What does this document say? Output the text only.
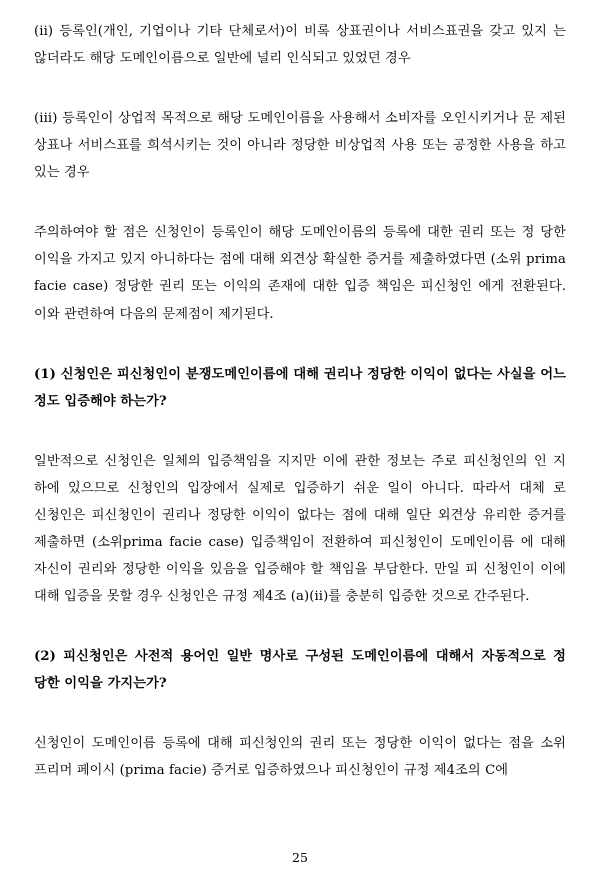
(ii) 등록인(개인, 기업이나 기타 단체로서)이 비록 상표권이나 서비스표권을 갖고 있지 는 않더라도 해당 도메인이름으로 일반에 널리 인식되고 있었던 경우

(iii) 등록인이 상업적 목적으로 해당 도메인이름을 사용해서 소비자를 오인시키거나 문 제된 상표나 서비스표를 희석시키는 것이 아니라 정당한 비상업적 사용 또는 공정한 사용을 하고 있는 경우

주의하여야 할 점은 신청인이 등록인이 해당 도메인이름의 등록에 대한 권리 또는 정 당한 이익을 가지고 있지 아니하다는 점에 대해 외견상 확실한 증거를 제출하였다면 (소위 prima facie case) 정당한 권리 또는 이익의 존재에 대한 입증 책임은 피신청인 에게 전환된다. 이와 관련하여 다음의 문제점이 제기된다.

(1) 신청인은 피신청인이 분쟁도메인이름에 대해 권리나 정당한 이익이 없다는 사실을 어느 정도 입증해야 하는가?

일반적으로 신청인은 일체의 입증책임을 지지만 이에 관한 정보는 주로 피신청인의 인 지 하에 있으므로 신청인의 입장에서 실제로 입증하기 쉬운 일이 아니다. 따라서 대체 로 신청인은 피신청인이 권리나 정당한 이익이 없다는 점에 대해 일단 외견상 유리한 증거를 제출하면 (소위prima facie case) 입증책임이 전환하여 피신청인이 도메인이름 에 대해 자신이 권리와 정당한 이익을 있음을 입증해야 할 책임을 부담한다. 만일 피 신청인이 이에 대해 입증을 못할 경우 신청인은 규정 제4조 (a)(ii)를 충분히 입증한 것으로 간주된다.

(2) 피신청인은 사전적 용어인 일반 명사로 구성된 도메인이름에 대해서 자동적으로 정 당한 이익을 가지는가?

신청인이 도메인이름 등록에 대해 피신청인의 권리 또는 정당한 이익이 없다는 점을 소위 프리머 페이시 (prima facie) 증거로 입증하였으나 피신청인이 규정 제4조의 C에

25
